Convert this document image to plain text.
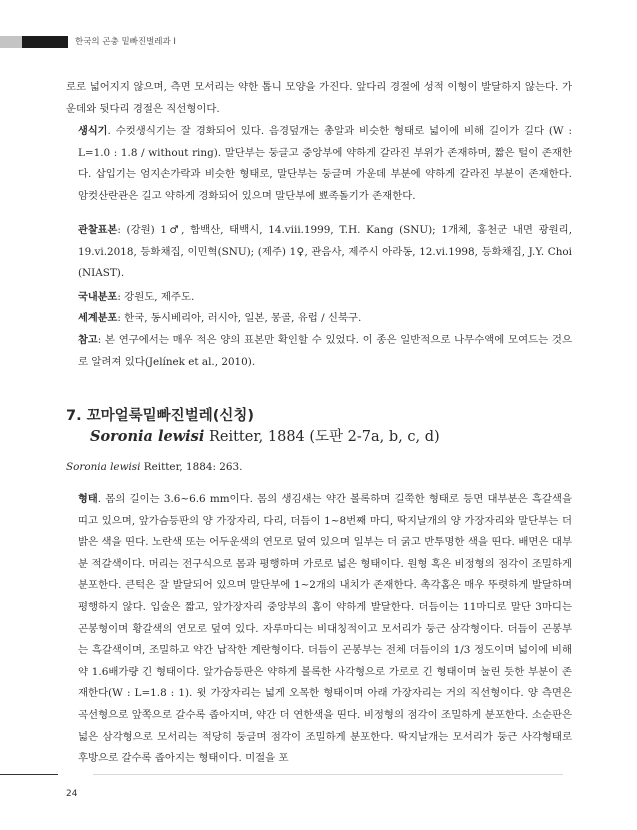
한국의 곤충 밑빠진벌레과 I

로로 넓어지지 않으며, 측면 모서리는 약한 톱니 모양을 가진다. 앞다리 경절에 성적 이형이 발달하지 않는다. 가운데와 뒷다리 경절은 직선형이다.

생식기. 수컷생식기는 잘 경화되어 있다. 음경덮개는 총알과 비슷한 형태로 넓이에 비해 길이가 길다 (W : L=1.0 : 1.8 / without ring). 말단부는 둥글고 중앙부에 약하게 갈라진 부위가 존재하며, 짧은 털이 존재한다. 삽입기는 엄지손가락과 비슷한 형태로, 말단부는 둥글며 가운데 부분에 약하게 갈라진 부분이 존재한다. 암컷산란관은 길고 약하게 경화되어 있으며 말단부에 뾰족돌기가 존재한다.

관찰표본: (강원) 1♂, 함백산, 태백시, 14.viii.1999, T.H. Kang (SNU); 1개체, 홍천군 내면 광원리, 19.vi.2018, 등화채집, 이민혁(SNU); (제주) 1♀, 관음사, 제주시 아라동, 12.vi.1998, 등화채집, J.Y. Choi (NIAST).

국내분포: 강원도, 제주도.

세계분포: 한국, 동시베리아, 러시아, 일본, 몽골, 유럽 / 신북구.

참고: 본 연구에서는 매우 적은 양의 표본만 확인할 수 있었다. 이 종은 일반적으로 나무수액에 모여드는 것으로 알려져 있다(Jelínek et al., 2010).

7. 꼬마얼룩밑빠진벌레(신칭)
Soronia lewisi Reitter, 1884 (도판 2-7a, b, c, d)
Soronia lewisi Reitter, 1884: 263.

형태. 몸의 길이는 3.6~6.6 mm이다. 몸의 생김새는 약간 볼록하며 길쭉한 형태로 등면 대부분은 흑갈색을 띠고 있으며, 앞가슴등판의 양 가장자리, 다리, 더듬이 1~8번째 마디, 딱지날개의 양 가장자리와 말단부는 더 밝은 색을 띤다. 노란색 또는 어두운색의 연모로 덮여 있으며 일부는 더 굵고 반투명한 색을 띤다. 배면은 대부분 적갈색이다. 머리는 전구식으로 몸과 평행하며 가로로 넓은 형태이다. 원형 혹은 비정형의 점각이 조밀하게 분포한다. 큰턱은 잘 발달되어 있으며 말단부에 1~2개의 내치가 존재한다. 촉각홈은 매우 뚜렷하게 발달하며 평행하지 않다. 입술은 짧고, 앞가장자리 중앙부의 홈이 약하게 발달한다. 더듬이는 11마디로 말단 3마디는 곤봉형이며 황갈색의 연모로 덮여 있다. 자루마디는 비대칭적이고 모서리가 둥근 삼각형이다. 더듬이 곤봉부는 흑갈색이며, 조밀하고 약간 납작한 계란형이다. 더듬이 곤봉부는 전체 더듬이의 1/3 정도이며 넓이에 비해 약 1.6배가량 긴 형태이다. 앞가슴등판은 약하게 볼록한 사각형으로 가로로 긴 형태이며 눌린 듯한 부분이 존재한다(W : L=1.8 : 1). 윗 가장자리는 넓게 오목한 형태이며 아래 가장자리는 거의 직선형이다. 양 측면은 곡선형으로 앞쪽으로 갈수록 좁아지며, 약간 더 연한색을 띤다. 비정형의 점각이 조밀하게 분포한다. 소순판은 넓은 삼각형으로 모서리는 적당히 둥글며 점각이 조밀하게 분포한다. 딱지날개는 모서리가 둥근 사각형태로 후방으로 갈수록 좁아지는 형태이다. 미절을 포

24
